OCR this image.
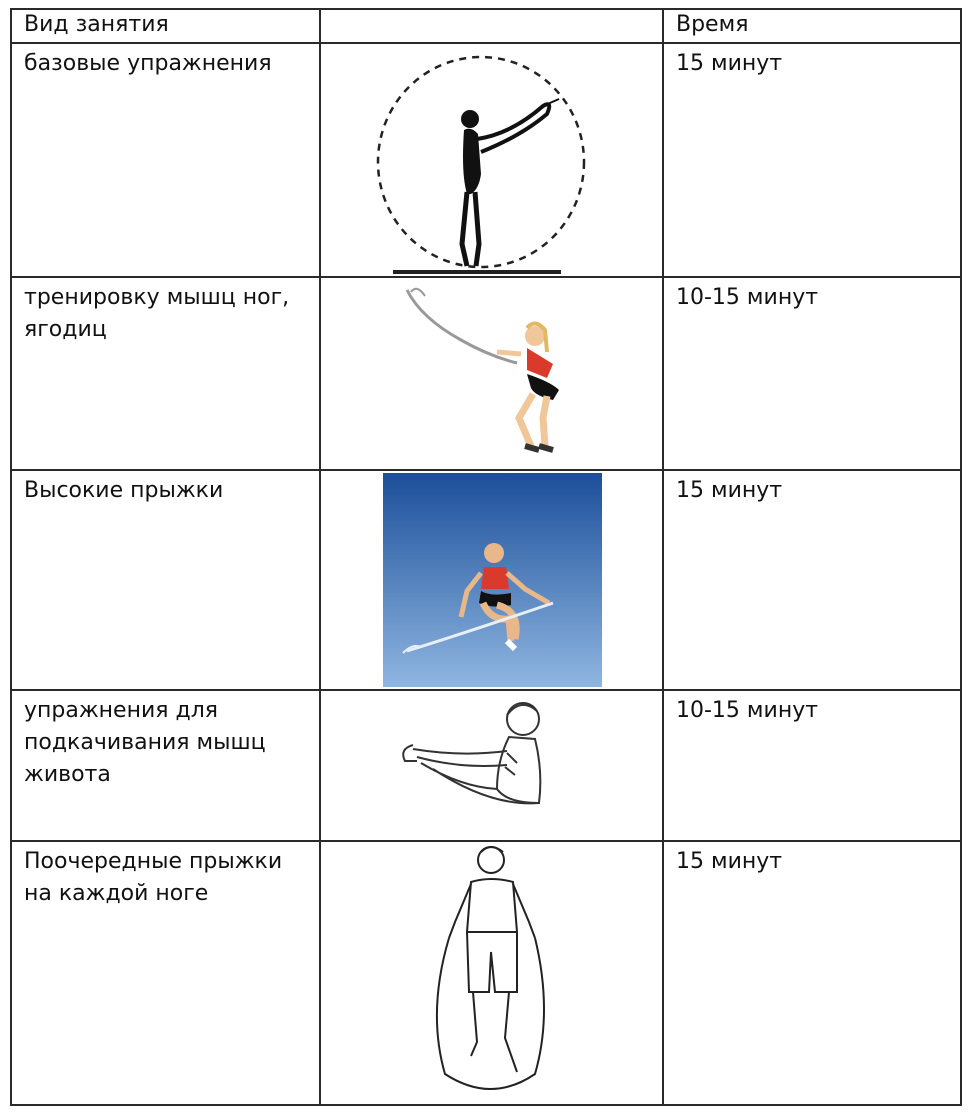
Вид занятия		Время

базовые упражнения		15 минут

тренировку мышц ног, ягодиц		10-15 минут

Высокие прыжки		15 минут

упражнения для подкачивания мышц живота		10-15 минут

Поочередные прыжки на каждой ноге		15 минут
